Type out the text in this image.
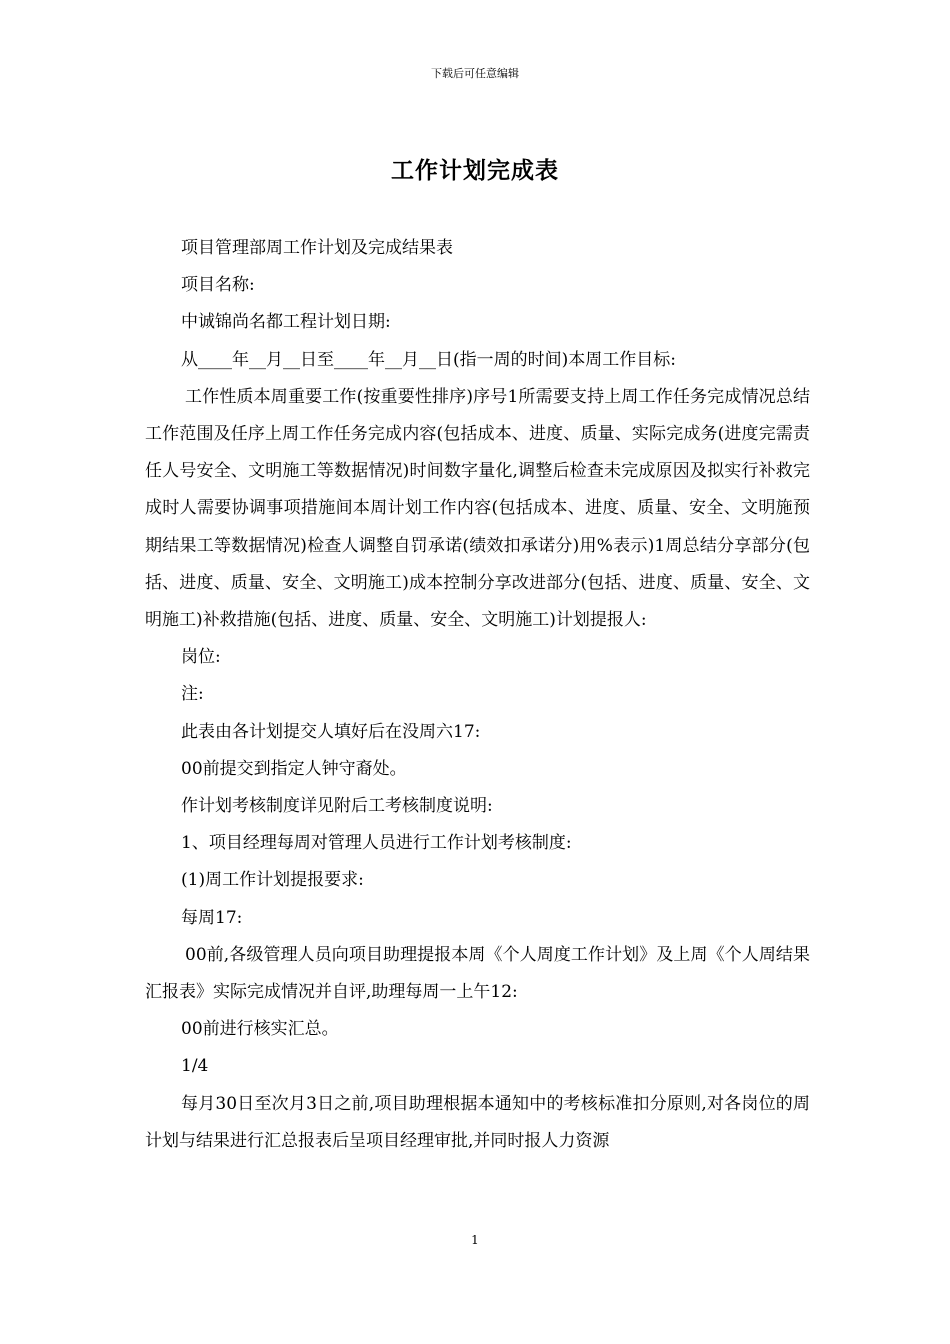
下载后可任意编辑
工作计划完成表

项目管理部周工作计划及完成结果表

项目名称:

中诚锦尚名都工程计划日期:

从____年__月__日至____年__月__日(指一周的时间)本周工作目标:

工作性质本周重要工作(按重要性排序)序号1所需要支持上周工作任务完成情况总结工作范围及任序上周工作任务完成内容(包括成本、进度、质量、实际完成务(进度完需责任人号安全、文明施工等数据情况)时间数字量化,调整后检查未完成原因及拟实行补救完成时人需要协调事项措施间本周计划工作内容(包括成本、进度、质量、安全、文明施预期结果工等数据情况)检查人调整自罚承诺(绩效扣承诺分)用%表示)1周总结分享部分(包括、进度、质量、安全、文明施工)成本控制分享改进部分(包括、进度、质量、安全、文明施工)补救措施(包括、进度、质量、安全、文明施工)计划提报人:

岗位:

注:

此表由各计划提交人填好后在没周六17:

00前提交到指定人钟守裔处。

作计划考核制度详见附后工考核制度说明:

1、项目经理每周对管理人员进行工作计划考核制度:

(1)周工作计划提报要求:

每周17:

00前,各级管理人员向项目助理提报本周《个人周度工作计划》及上周《个人周结果汇报表》实际完成情况并自评,助理每周一上午12:

00前进行核实汇总。

1/4

每月30日至次月3日之前,项目助理根据本通知中的考核标准扣分原则,对各岗位的周计划与结果进行汇总报表后呈项目经理审批,并同时报人力资源

1
